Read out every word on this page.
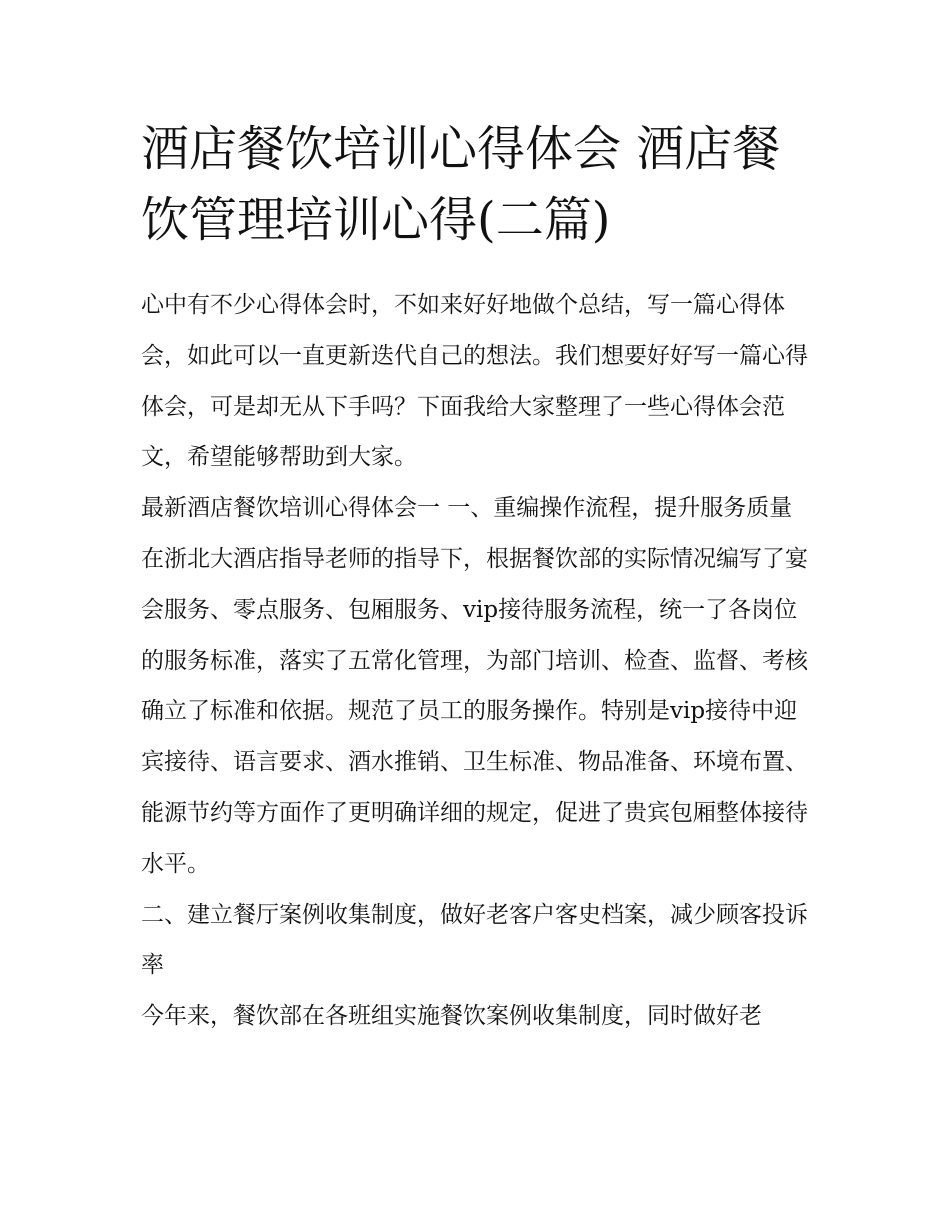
酒店餐饮培训心得体会 酒店餐饮管理培训心得(二篇)

心中有不少心得体会时，不如来好好地做个总结，写一篇心得体会，如此可以一直更新迭代自己的想法。我们想要好好写一篇心得体会，可是却无从下手吗？下面我给大家整理了一些心得体会范文，希望能够帮助到大家。

最新酒店餐饮培训心得体会一 一、重编操作流程，提升服务质量

在浙北大酒店指导老师的指导下，根据餐饮部的实际情况编写了宴会服务、零点服务、包厢服务、vip接待服务流程，统一了各岗位的服务标准，落实了五常化管理，为部门培训、检查、监督、考核确立了标准和依据。规范了员工的服务操作。特别是vip接待中迎宾接待、语言要求、酒水推销、卫生标准、物品准备、环境布置、能源节约等方面作了更明确详细的规定，促进了贵宾包厢整体接待水平。

二、建立餐厅案例收集制度，做好老客户客史档案，减少顾客投诉率

今年来，餐饮部在各班组实施餐饮案例收集制度，同时做好老
